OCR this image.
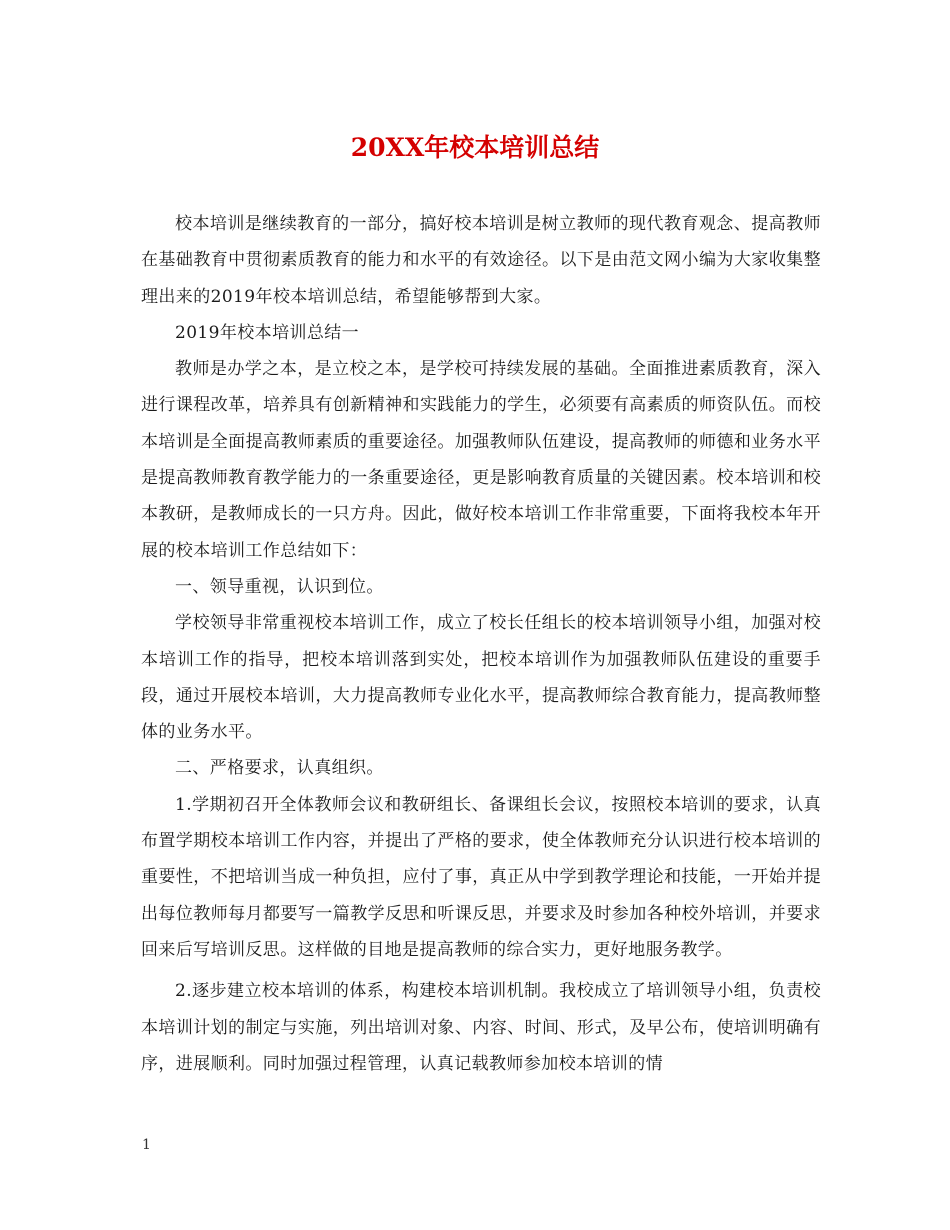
20XX年校本培训总结

校本培训是继续教育的一部分，搞好校本培训是树立教师的现代教育观念、提高教师在基础教育中贯彻素质教育的能力和水平的有效途径。以下是由范文网小编为大家收集整理出来的2019年校本培训总结，希望能够帮到大家。

2019年校本培训总结一

教师是办学之本，是立校之本，是学校可持续发展的基础。全面推进素质教育，深入进行课程改革，培养具有创新精神和实践能力的学生，必须要有高素质的师资队伍。而校本培训是全面提高教师素质的重要途径。加强教师队伍建设，提高教师的师德和业务水平是提高教师教育教学能力的一条重要途径，更是影响教育质量的关键因素。校本培训和校本教研，是教师成长的一只方舟。因此，做好校本培训工作非常重要，下面将我校本年开展的校本培训工作总结如下：

一、领导重视，认识到位。

学校领导非常重视校本培训工作，成立了校长任组长的校本培训领导小组，加强对校本培训工作的指导，把校本培训落到实处，把校本培训作为加强教师队伍建设的重要手段，通过开展校本培训，大力提高教师专业化水平，提高教师综合教育能力，提高教师整体的业务水平。

二、严格要求，认真组织。

1.学期初召开全体教师会议和教研组长、备课组长会议，按照校本培训的要求，认真布置学期校本培训工作内容，并提出了严格的要求，使全体教师充分认识进行校本培训的重要性，不把培训当成一种负担，应付了事，真正从中学到教学理论和技能，一开始并提出每位教师每月都要写一篇教学反思和听课反思，并要求及时参加各种校外培训，并要求回来后写培训反思。这样做的目地是提高教师的综合实力，更好地服务教学。

2.逐步建立校本培训的体系，构建校本培训机制。我校成立了培训领导小组，负责校本培训计划的制定与实施，列出培训对象、内容、时间、形式，及早公布，使培训明确有序，进展顺利。同时加强过程管理，认真记载教师参加校本培训的情

1
